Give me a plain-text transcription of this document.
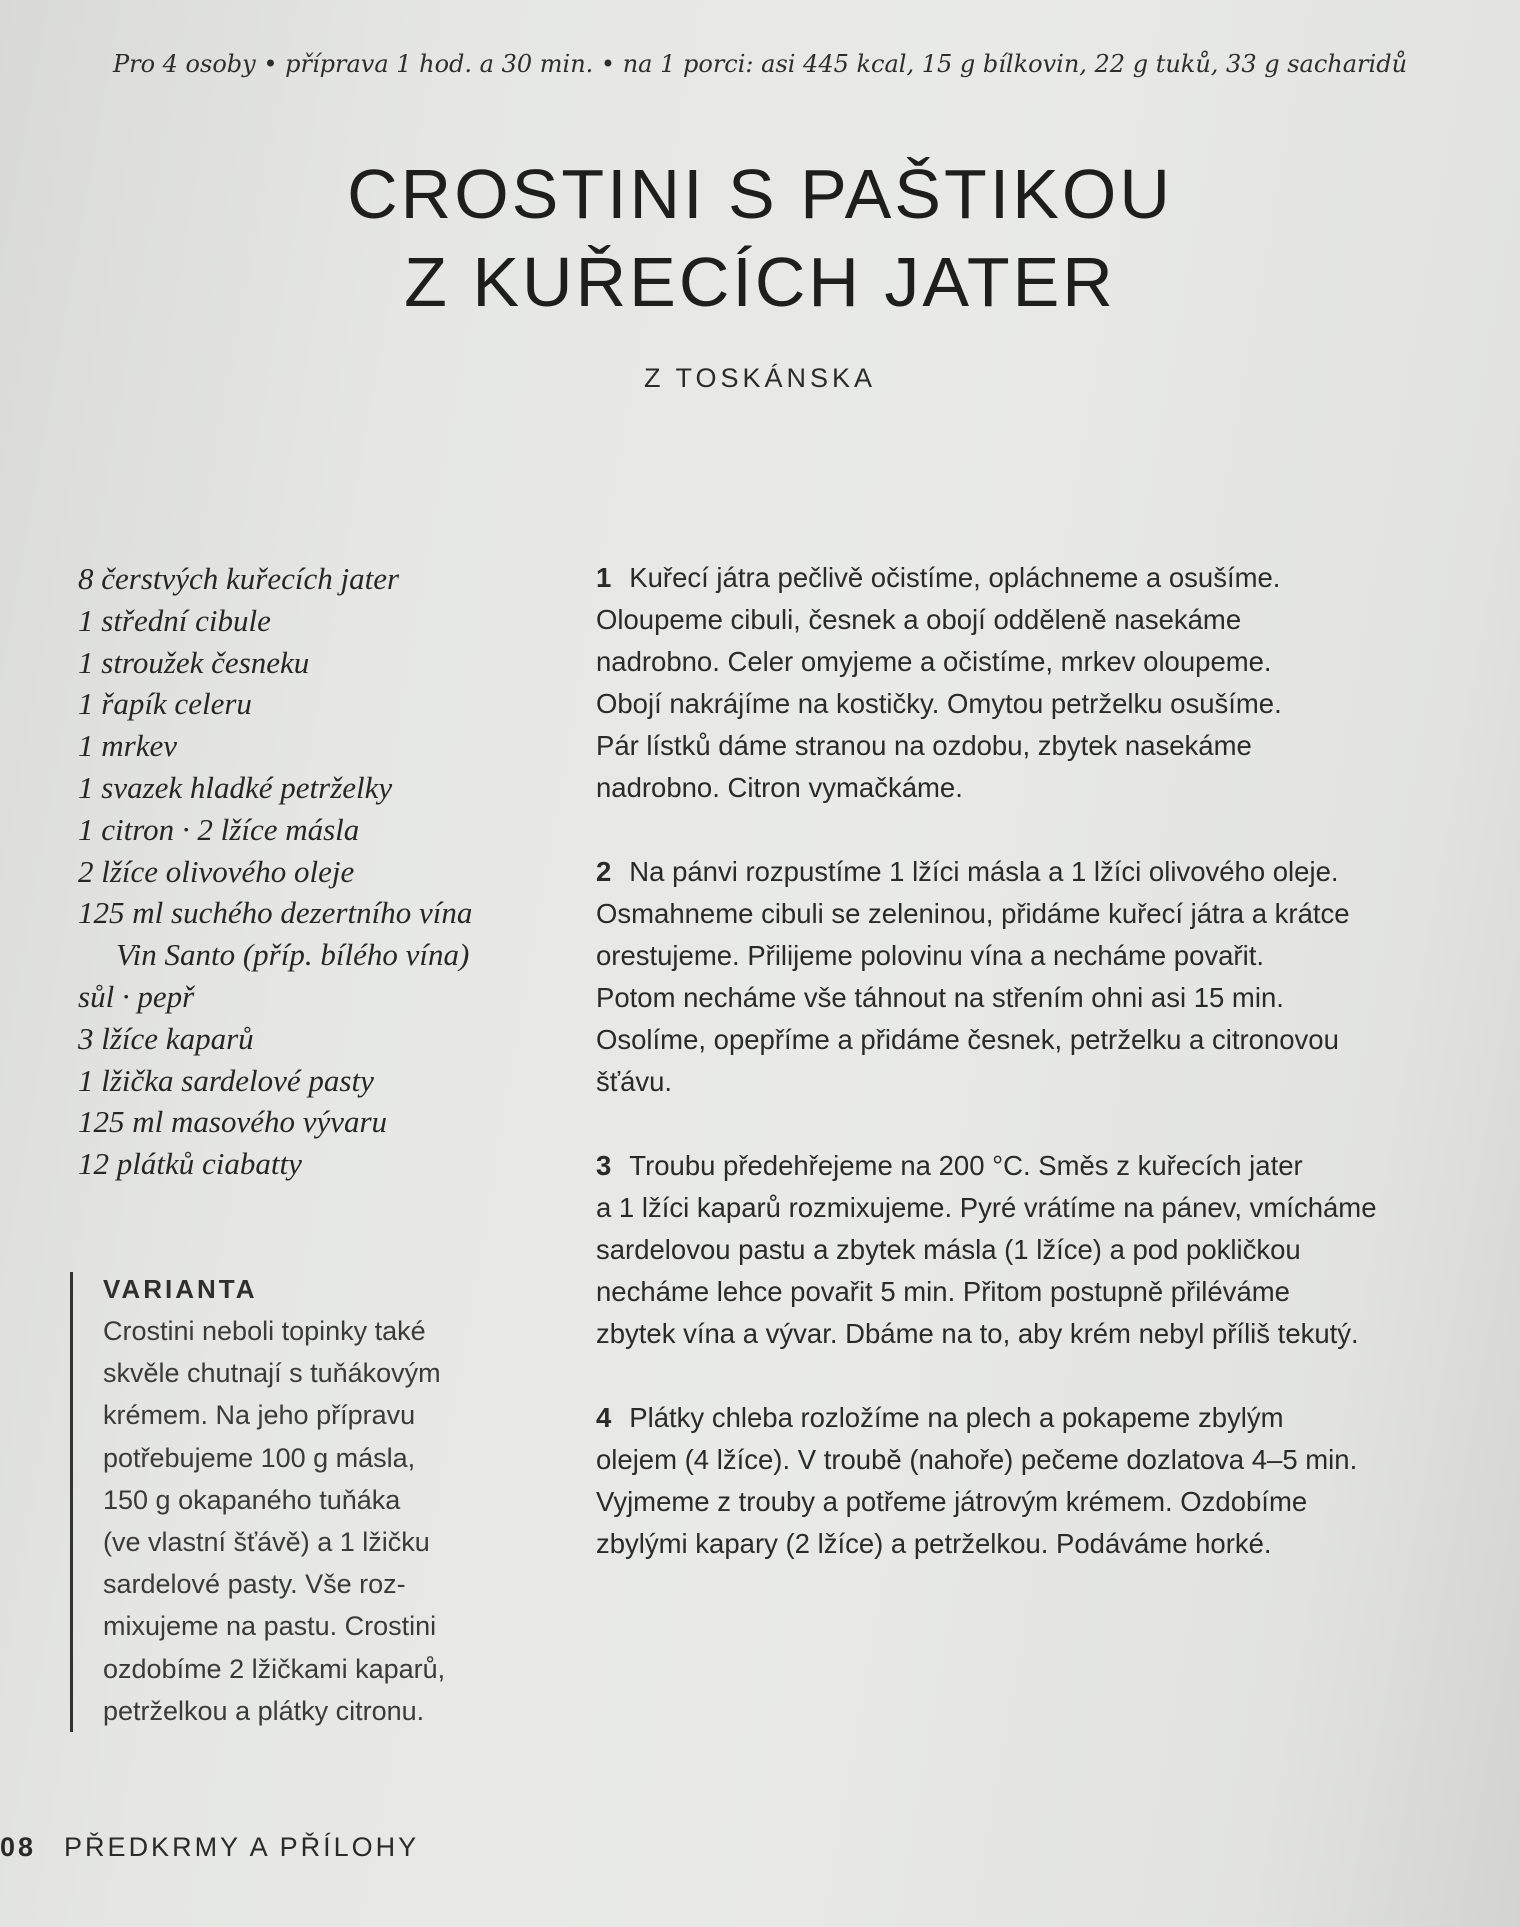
Pro 4 osoby • příprava 1 hod. a 30 min. • na 1 porci: asi 445 kcal, 15 g bílkovin, 22 g tuků, 33 g sacharidů
CROSTINI S PAŠTIKOU
Z KUŘECÍCH JATER
Z TOSKÁNSKA
8 čerstvých kuřecích jater
1 střední cibule
1 stroužek česneku
1 řapík celeru
1 mrkev
1 svazek hladké petrželky
1 citron · 2 lžíce másla
2 lžíce olivového oleje
125 ml suchého dezertního vína
Vin Santo (příp. bílého vína)
sůl · pepř
3 lžíce kaparů
1 lžička sardelové pasty
125 ml masového vývaru
12 plátků ciabatty
VARIANTA
Crostini neboli topinky také
skvěle chutnají s tuňákovým
krémem. Na jeho přípravu
potřebujeme 100 g másla,
150 g okapaného tuňáka
(ve vlastní šťávě) a 1 lžičku
sardelové pasty. Vše roz-
mixujeme na pastu. Crostini
ozdobíme 2 lžičkami kaparů,
petrželkou a plátky citronu.
1 Kuřecí játra pečlivě očistíme, opláchneme a osušíme.
Oloupeme cibuli, česnek a obojí odděleně nasekáme
nadrobno. Celer omyjeme a očistíme, mrkev oloupeme.
Obojí nakrájíme na kostičky. Omytou petrželku osušíme.
Pár lístků dáme stranou na ozdobu, zbytek nasekáme
nadrobno. Citron vymačkáme.
2 Na pánvi rozpustíme 1 lžíci másla a 1 lžíci olivového oleje.
Osmahneme cibuli se zeleninou, přidáme kuřecí játra a krátce
orestujeme. Přilijeme polovinu vína a necháme povařit.
Potom necháme vše táhnout na střením ohni asi 15 min.
Osolíme, opepříme a přidáme česnek, petrželku a citronovou
šťávu.
3 Troubu předehřejeme na 200 °C. Směs z kuřecích jater
a 1 lžíci kaparů rozmixujeme. Pyré vrátíme na pánev, vmícháme
sardelovou pastu a zbytek másla (1 lžíce) a pod pokličkou
necháme lehce povařit 5 min. Přitom postupně přiléváme
zbytek vína a vývar. Dbáme na to, aby krém nebyl příliš tekutý.
4 Plátky chleba rozložíme na plech a pokapeme zbylým
olejem (4 lžíce). V troubě (nahoře) pečeme dozlatova 4–5 min.
Vyjmeme z trouby a potřeme játrovým krémem. Ozdobíme
zbylými kapary (2 lžíce) a petrželkou. Podáváme horké.
08 PŘEDKRMY A PŘÍLOHY
